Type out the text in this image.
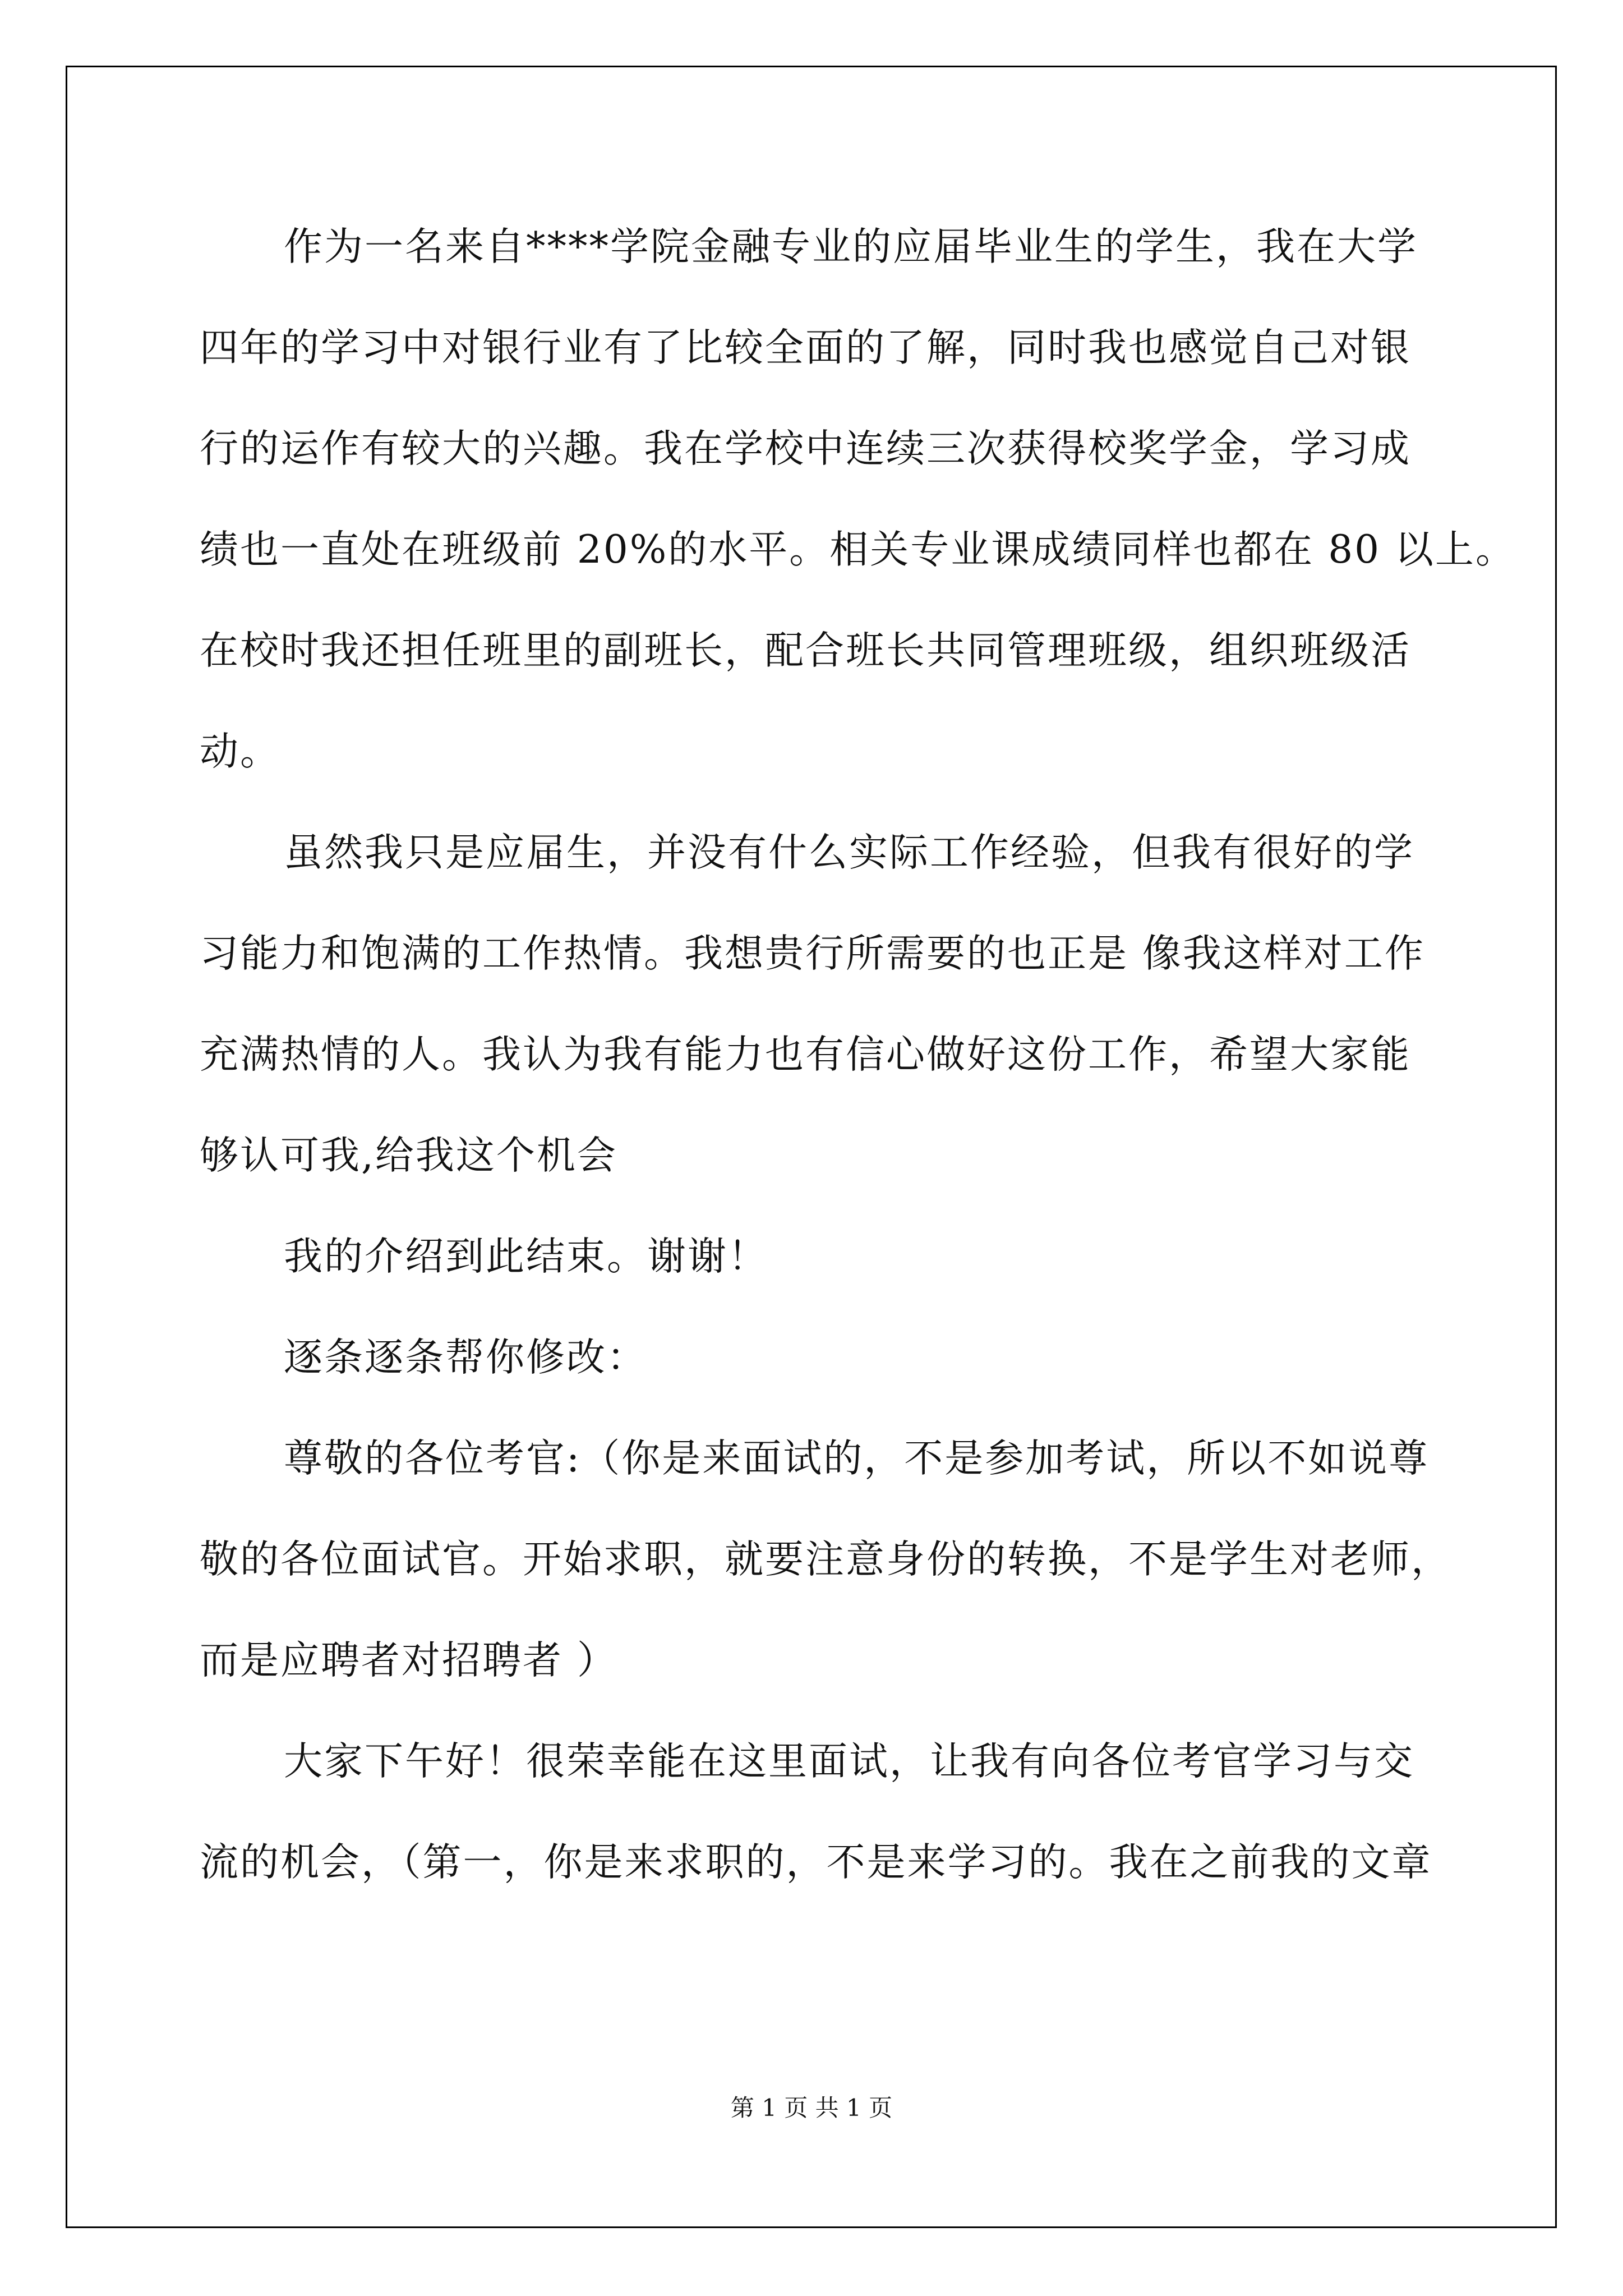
作为一名来自****学院金融专业的应届毕业生的学生，我在大学
四年的学习中对银行业有了比较全面的了解，同时我也感觉自己对银
行的运作有较大的兴趣。我在学校中连续三次获得校奖学金，学习成
绩也一直处在班级前 20%的水平。相关专业课成绩同样也都在 80 以上。
在校时我还担任班里的副班长，配合班长共同管理班级，组织班级活
动。
虽然我只是应届生，并没有什么实际工作经验，但我有很好的学
习能力和饱满的工作热情。我想贵行所需要的也正是 像我这样对工作
充满热情的人。我认为我有能力也有信心做好这份工作，希望大家能
够认可我,给我这个机会
我的介绍到此结束。谢谢！
逐条逐条帮你修改：
尊敬的各位考官:（你是来面试的，不是参加考试，所以不如说尊
敬的各位面试官。开始求职，就要注意身份的转换，不是学生对老师，
而是应聘者对招聘者 ）
大家下午好！很荣幸能在这里面试，让我有向各位考官学习与交
流的机会，（第一，你是来求职的，不是来学习的。我在之前我的文章
第 1 页 共 1 页
